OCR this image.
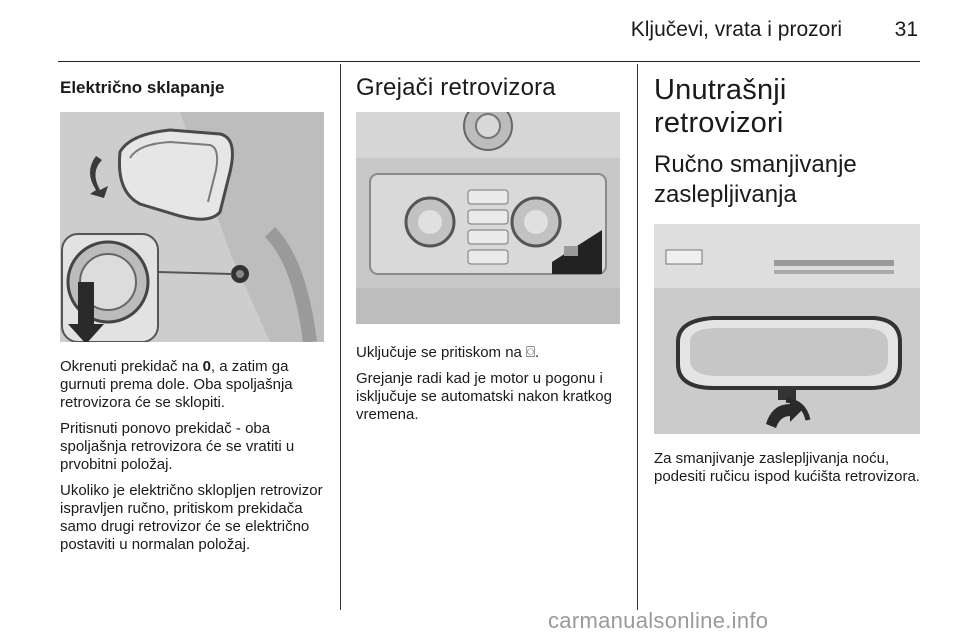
Ključevi, vrata i prozori	31
Električno sklapanje

Okrenuti prekidač na 0, a zatim ga gurnuti prema dole. Oba spoljašnja retrovizora će se sklopiti.

Pritisnuti ponovo prekidač - oba spoljašnja retrovizora će se vratiti u prvobitni položaj.

Ukoliko je električno sklopljen retrovizor ispravljen ručno, pritiskom prekidača samo drugi retrovizor će se električno postaviti u normalan položaj.

Grejači retrovizora

Uključuje se pritiskom na ⌼.

Grejanje radi kad je motor u pogonu i isključuje se automatski nakon kratkog vremena.

Unutrašnji retrovizori
Ručno smanjivanje zaslepljivanja

Za smanjivanje zaslepljivanja noću, podesiti ručicu ispod kućišta retrovizora.

carmanualsonline.info
